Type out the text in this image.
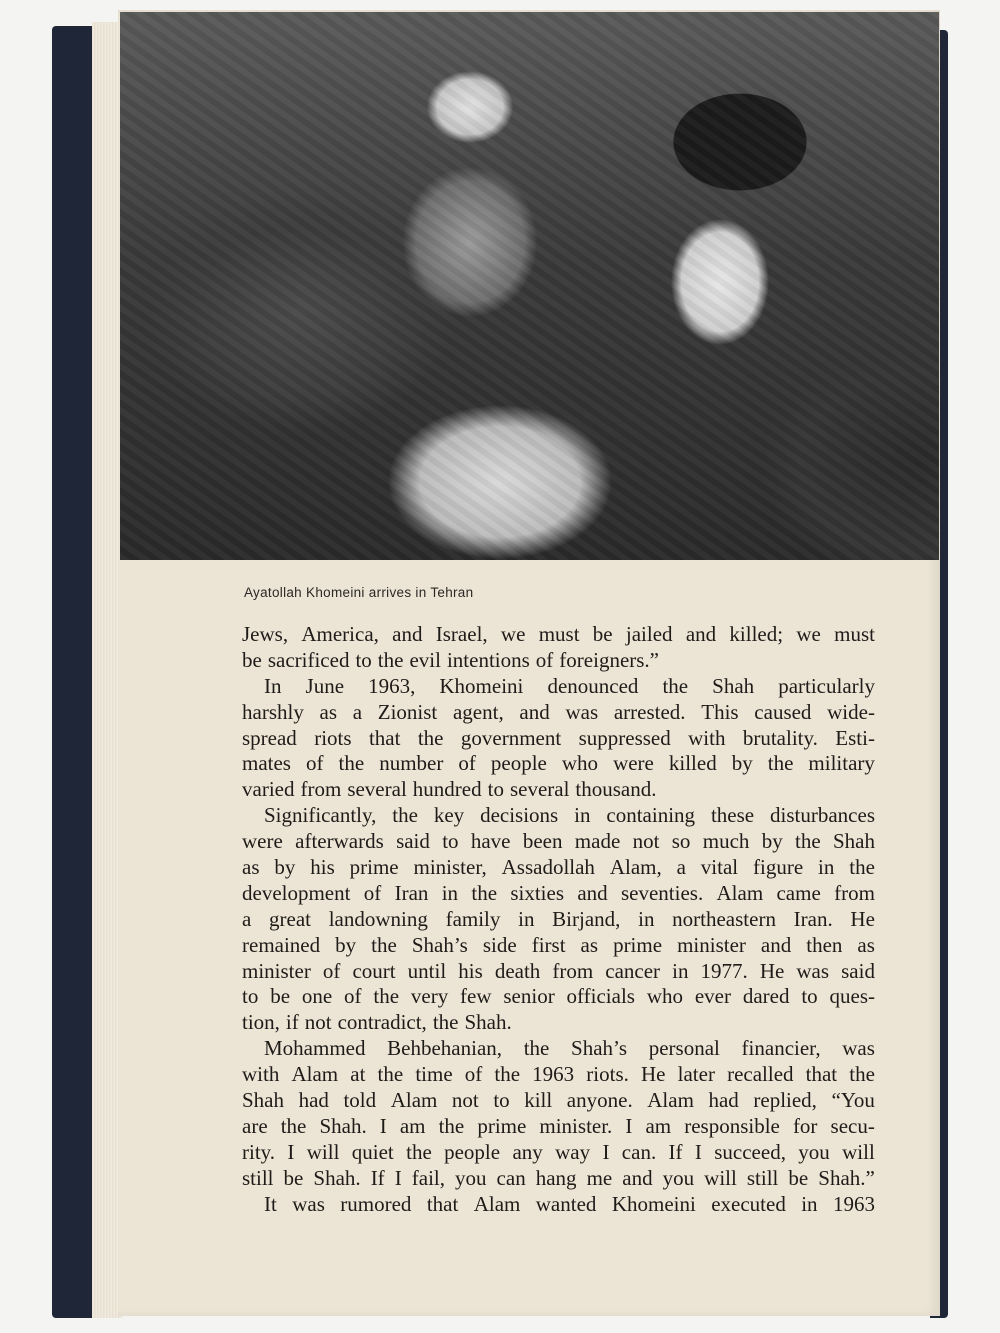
Ayatollah Khomeini arrives in Tehran
Jews, America, and Israel, we must be jailed and killed; we must
be sacrificed to the evil intentions of foreigners.”
In June 1963, Khomeini denounced the Shah particularly
harshly as a Zionist agent, and was arrested. This caused wide-
spread riots that the government suppressed with brutality. Esti-
mates of the number of people who were killed by the military
varied from several hundred to several thousand.
Significantly, the key decisions in containing these disturbances
were afterwards said to have been made not so much by the Shah
as by his prime minister, Assadollah Alam, a vital figure in the
development of Iran in the sixties and seventies. Alam came from
a great landowning family in Birjand, in northeastern Iran. He
remained by the Shah’s side first as prime minister and then as
minister of court until his death from cancer in 1977. He was said
to be one of the very few senior officials who ever dared to ques-
tion, if not contradict, the Shah.
Mohammed Behbehanian, the Shah’s personal financier, was
with Alam at the time of the 1963 riots. He later recalled that the
Shah had told Alam not to kill anyone. Alam had replied, “You
are the Shah. I am the prime minister. I am responsible for secu-
rity. I will quiet the people any way I can. If I succeed, you will
still be Shah. If I fail, you can hang me and you will still be Shah.”
It was rumored that Alam wanted Khomeini executed in 1963
